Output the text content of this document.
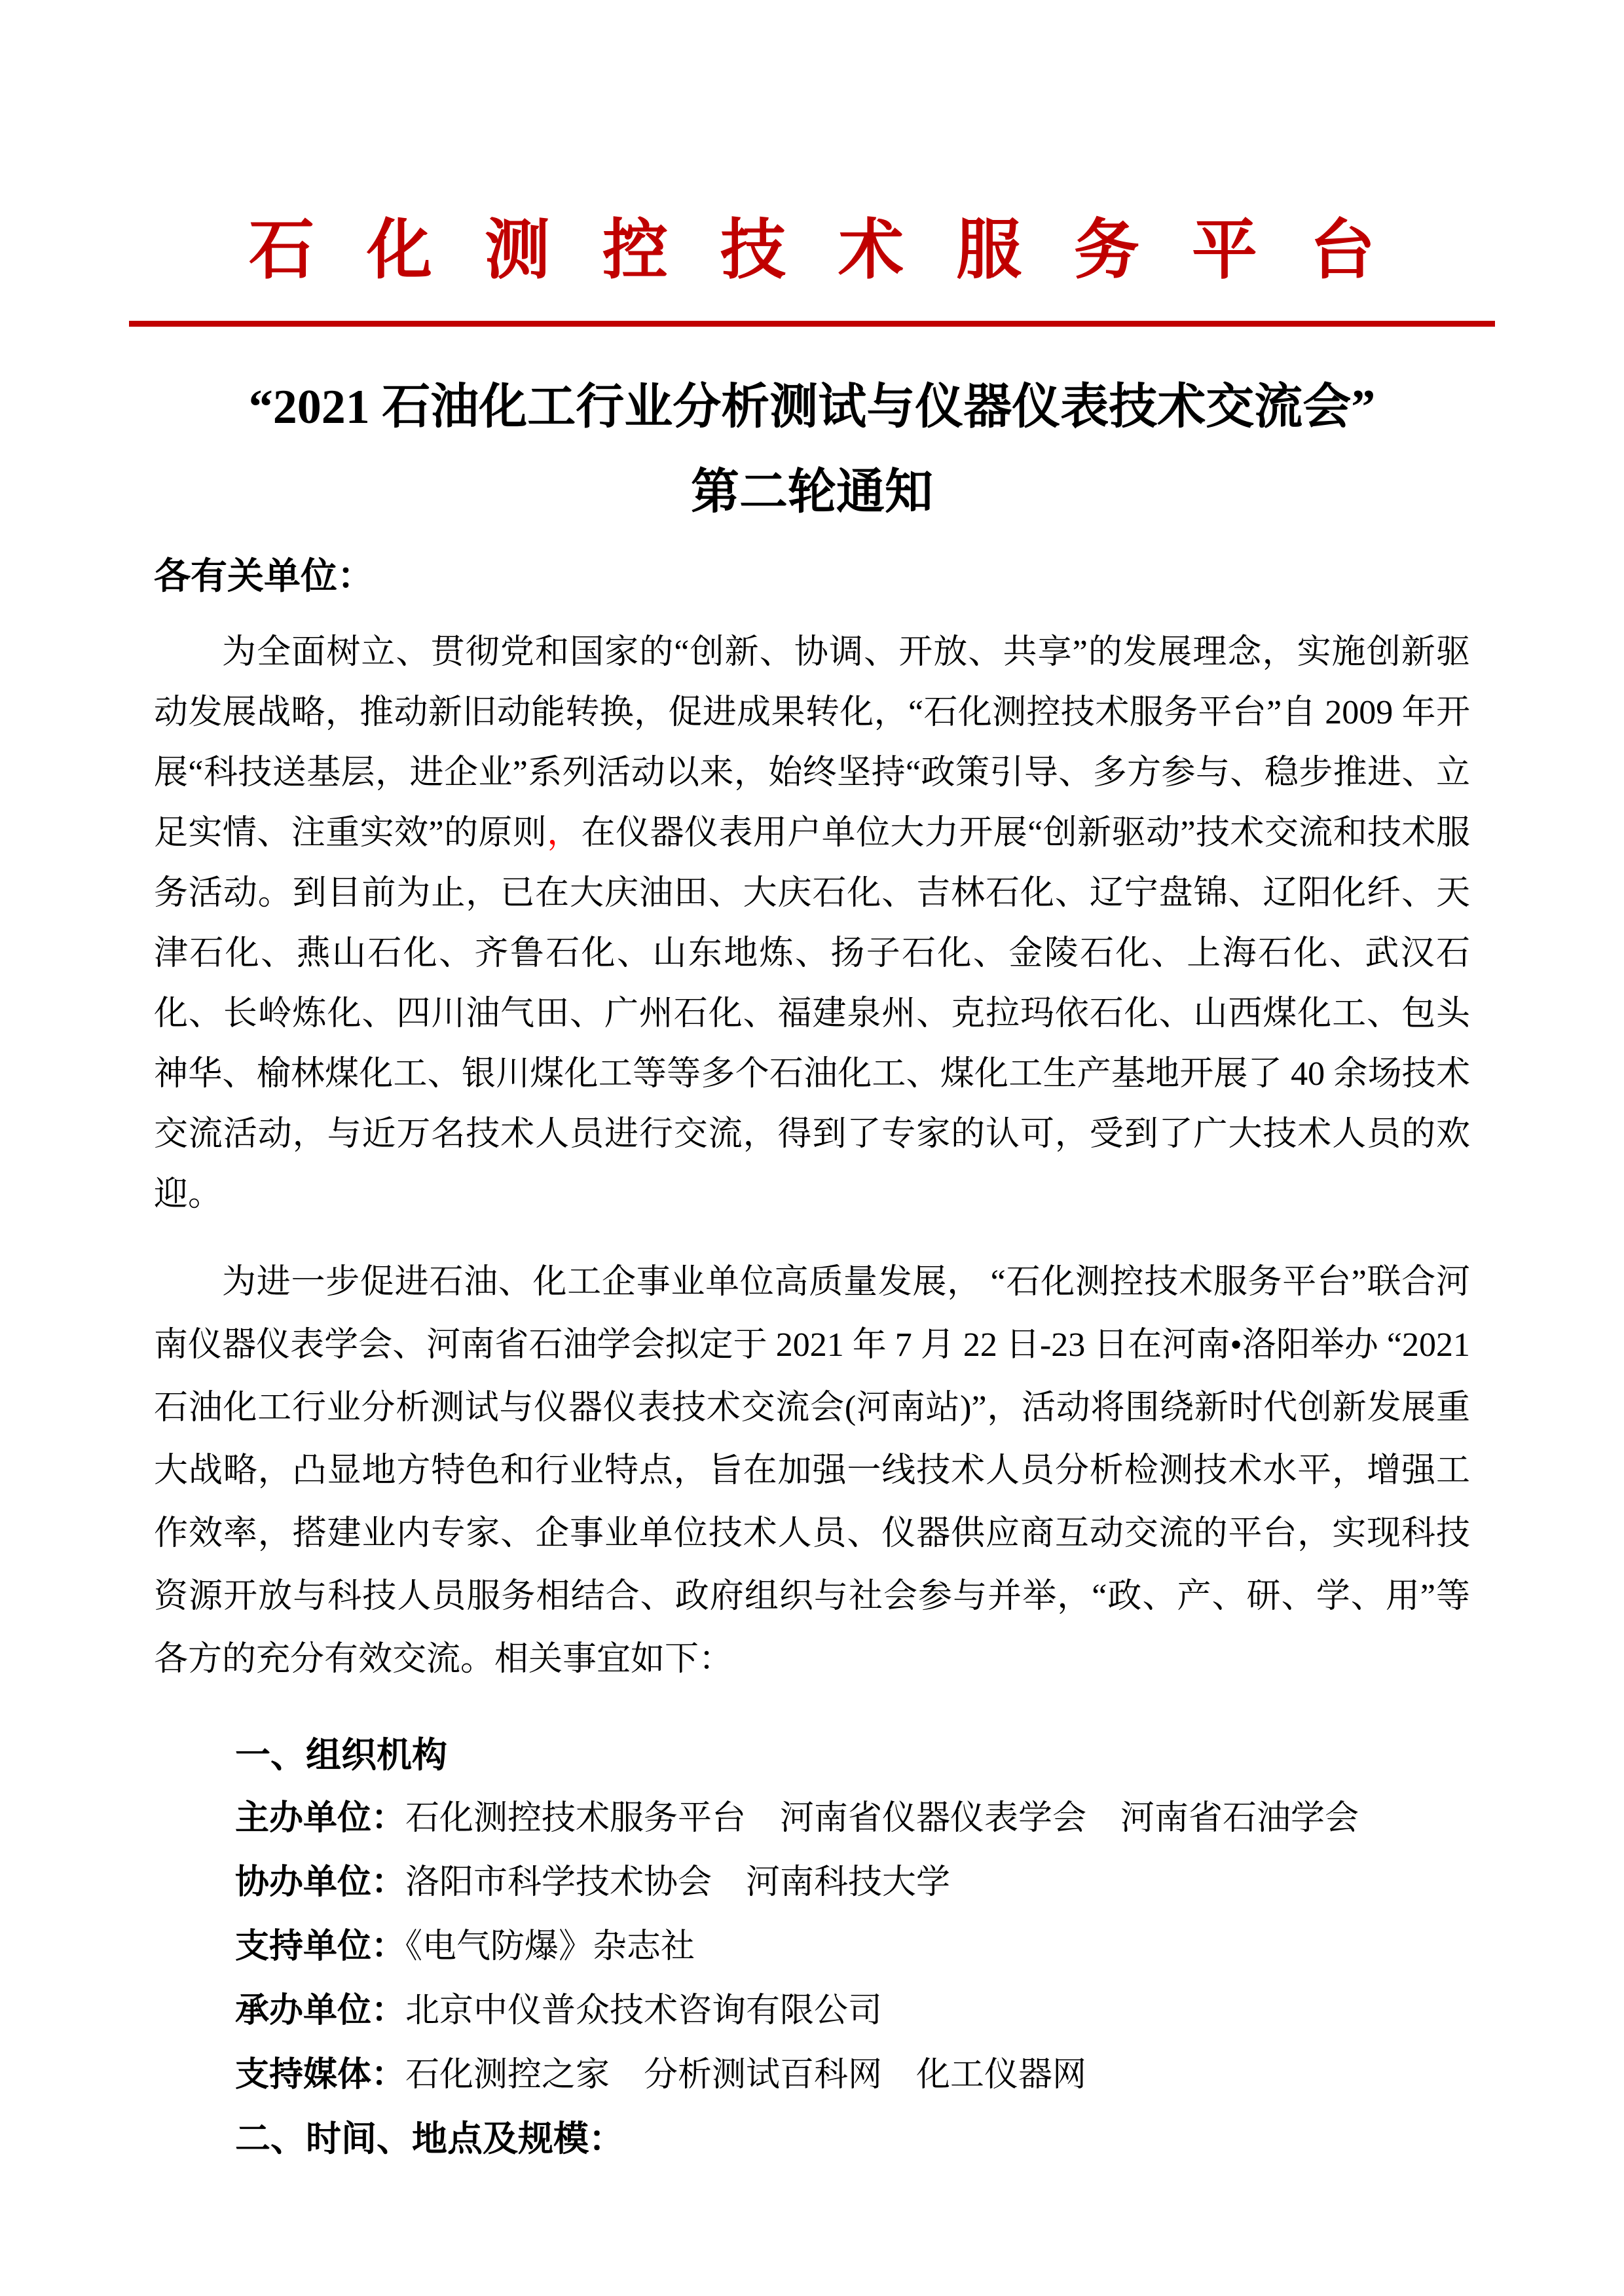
石化测控技术服务平台
“2021 石油化工行业分析测试与仪器仪表技术交流会”
第二轮通知

各有关单位：

为全面树立、贯彻党和国家的“创新、协调、开放、共享”的发展理念，实施创新驱动发展战略，推动新旧动能转换，促进成果转化，“石化测控技术服务平台”自 2009 年开展“科技送基层，进企业”系列活动以来，始终坚持“政策引导、多方参与、稳步推进、立足实情、注重实效”的原则，在仪器仪表用户单位大力开展“创新驱动”技术交流和技术服务活动。到目前为止，已在大庆油田、大庆石化、吉林石化、辽宁盘锦、辽阳化纤、天津石化、燕山石化、齐鲁石化、山东地炼、扬子石化、金陵石化、上海石化、武汉石化、长岭炼化、四川油气田、广州石化、福建泉州、克拉玛依石化、山西煤化工、包头神华、榆林煤化工、银川煤化工等等多个石油化工、煤化工生产基地开展了 40 余场技术交流活动，与近万名技术人员进行交流，得到了专家的认可，受到了广大技术人员的欢迎。

为进一步促进石油、化工企事业单位高质量发展， “石化测控技术服务平台”联合河南仪器仪表学会、河南省石油学会拟定于 2021 年 7 月 22 日-23 日在河南•洛阳举办 “2021 石油化工行业分析测试与仪器仪表技术交流会(河南站)”，活动将围绕新时代创新发展重大战略，凸显地方特色和行业特点，旨在加强一线技术人员分析检测技术水平，增强工作效率，搭建业内专家、企事业单位技术人员、仪器供应商互动交流的平台，实现科技资源开放与科技人员服务相结合、政府组织与社会参与并举，“政、产、研、学、用”等各方的充分有效交流。相关事宜如下：

一、组织机构

主办单位：石化测控技术服务平台　河南省仪器仪表学会　河南省石油学会

协办单位：洛阳市科学技术协会　河南科技大学

支持单位：《电气防爆》杂志社

承办单位：北京中仪普众技术咨询有限公司

支持媒体：石化测控之家　分析测试百科网　化工仪器网

二、时间、地点及规模：
